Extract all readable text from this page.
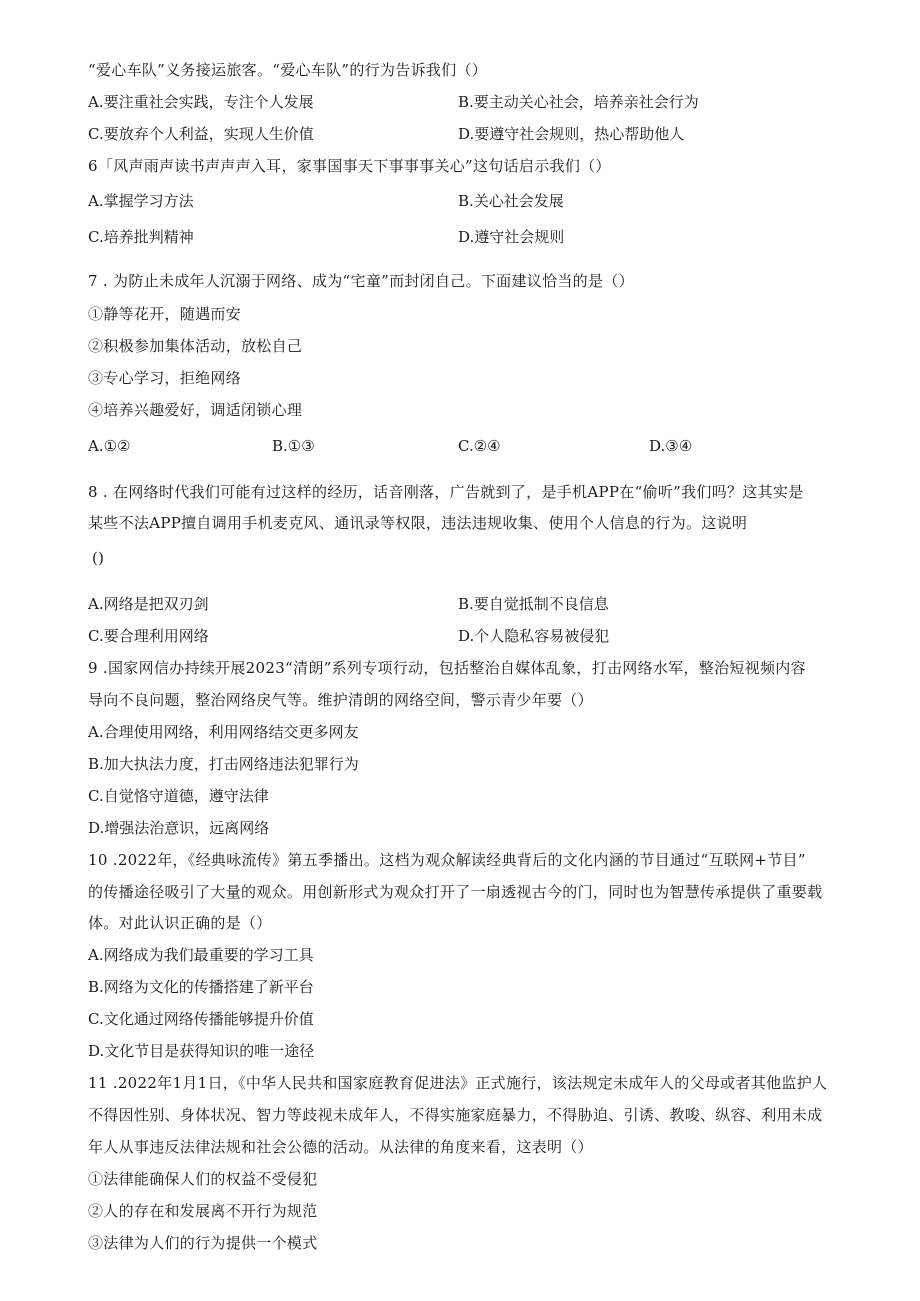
“爱心车队”义务接运旅客。“爱心车队”的行为告诉我们（）
A.要注重社会实践，专注个人发展	B.要主动关心社会，培养亲社会行为
C.要放弃个人利益，实现人生价值	D.要遵守社会规则，热心帮助他人
6「风声雨声读书声声声入耳，家事国事天下事事事关心”这句话启示我们（）
A.掌握学习方法	B.关心社会发展
C.培养批判精神	D.遵守社会规则
7 . 为防止未成年人沉溺于网络、成为“宅童”而封闭自己。下面建议恰当的是（）
①静等花开，随遇而安
②积极参加集体活动，放松自己
③专心学习，拒绝网络
④培养兴趣爱好，调适闭锁心理
A.①②	B.①③	C.②④	D.③④
8 . 在网络时代我们可能有过这样的经历，话音刚落，广告就到了，是手机APP在“偷听”我们吗？这其实是
某些不法APP擅自调用手机麦克风、通讯录等权限，违法违规收集、使用个人信息的行为。这说明
()
A.网络是把双刃剑	B.要自觉抵制不良信息
C.要合理利用网络	D.个人隐私容易被侵犯
9 .国家网信办持续开展2023“清朗”系列专项行动，包括整治自媒体乱象，打击网络水军，整治短视频内容
导向不良问题，整治网络戾气等。维护清朗的网络空间，警示青少年要（）
A.合理使用网络，利用网络结交更多网友
B.加大执法力度，打击网络违法犯罪行为
C.自觉恪守道德，遵守法律
D.增强法治意识，远离网络
10 .2022年，《经典咏流传》第五季播出。这档为观众解读经典背后的文化内涵的节目通过“互联网+节目”
的传播途径吸引了大量的观众。用创新形式为观众打开了一扇透视古今的门，同时也为智慧传承提供了重要载
体。对此认识正确的是（）
A.网络成为我们最重要的学习工具
B.网络为文化的传播搭建了新平台
C.文化通过网络传播能够提升价值
D.文化节目是获得知识的唯一途径
11 .2022年1月1日，《中华人民共和国家庭教育促进法》正式施行，该法规定未成年人的父母或者其他监护人
不得因性别、身体状况、智力等歧视未成年人，不得实施家庭暴力，不得胁迫、引诱、教唆、纵容、利用未成
年人从事违反法律法规和社会公德的活动。从法律的角度来看，这表明（）
①法律能确保人们的权益不受侵犯
②人的存在和发展离不开行为规范
③法律为人们的行为提供一个模式
